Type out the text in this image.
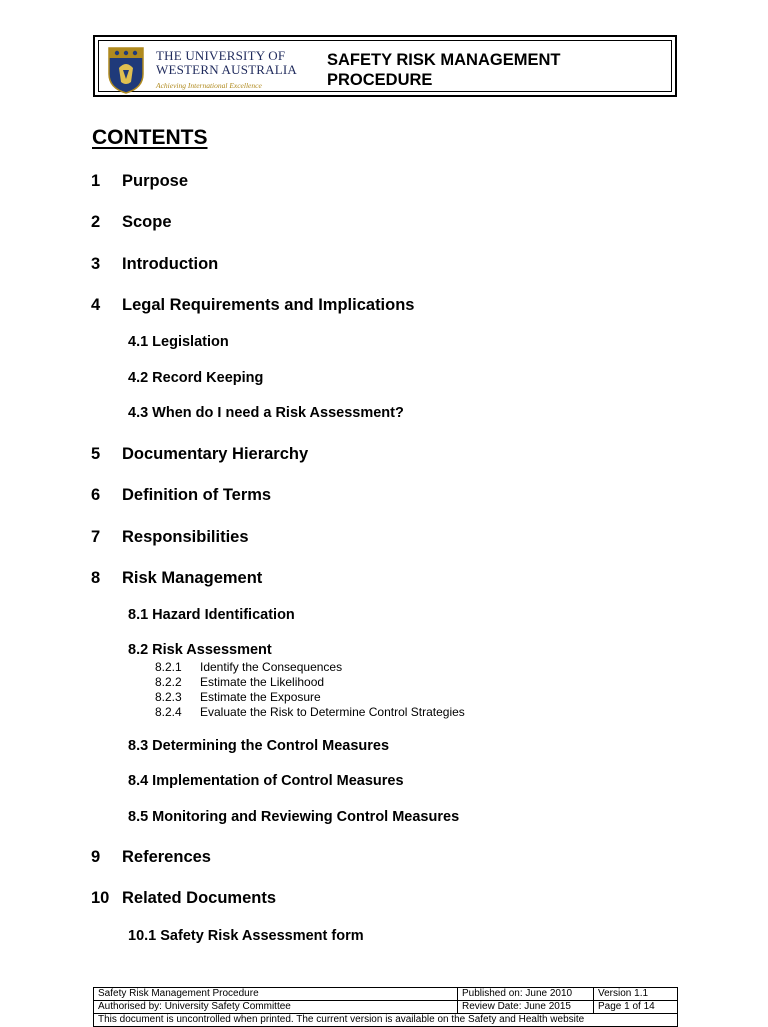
THE UNIVERSITY OF
WESTERN AUSTRALIA
Achieving International Excellence
SAFETY RISK MANAGEMENT
PROCEDURE
CONTENTS
1 Purpose
2 Scope
3 Introduction
4 Legal Requirements and Implications
4.1 Legislation
4.2 Record Keeping
4.3 When do I need a Risk Assessment?
5 Documentary Hierarchy
6 Definition of Terms
7 Responsibilities
8 Risk Management
8.1 Hazard Identification
8.2 Risk Assessment
8.2.1 Identify the Consequences
8.2.2 Estimate the Likelihood
8.2.3 Estimate the Exposure
8.2.4 Evaluate the Risk to Determine Control Strategies
8.3 Determining the Control Measures
8.4 Implementation of Control Measures
8.5 Monitoring and Reviewing Control Measures
9 References
10 Related Documents
10.1 Safety Risk Assessment form
Safety Risk Management Procedure	Published on: June 2010	Version 1.1
Authorised by: University Safety Committee	Review Date: June 2015	Page 1 of 14
This document is uncontrolled when printed. The current version is available on the Safety and Health website		
